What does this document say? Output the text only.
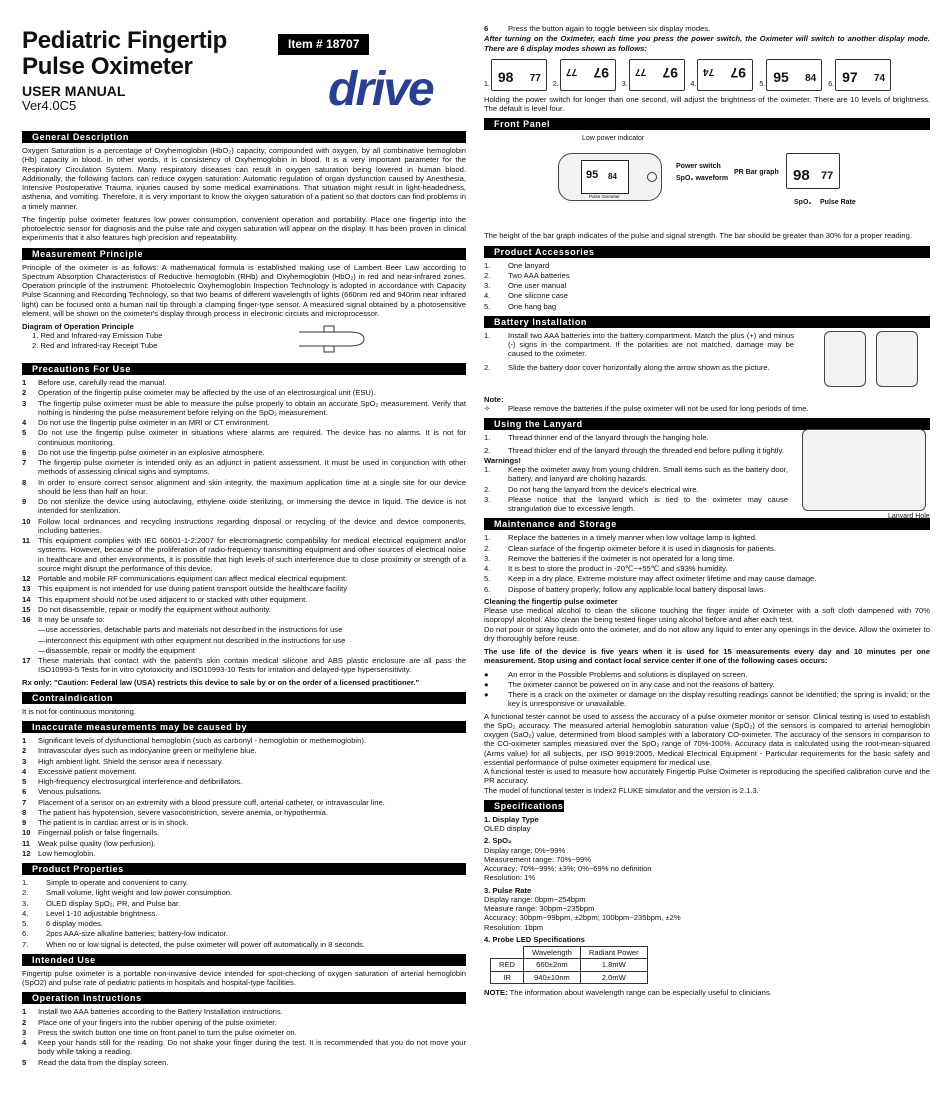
Pediatric Fingertip
Pulse Oximeter
USER MANUAL
Ver4.0C5
Item # 18707
drive
General Description

Oxygen Saturation is a percentage of Oxyhemoglobin (HbO₂) capacity, compounded with oxygen, by all combinative hemoglobin (Hb) capacity in blood. In other words, it is consistency of Oxyhemoglobin in blood. It is a very important parameter for the Respiratory Circulation System. Many respiratory diseases can result in oxygen saturation being lowered in human blood. Additionally, the following factors can reduce oxygen saturation: Automatic regulation of organ dysfunction caused by Anesthesia, Intensive Postoperative Trauma, injuries caused by some medical examinations. That situation might result in light-headedness, asthenia, and vomiting. Therefore, it is very important to know the oxygen saturation of a patient so that doctors can find problems in a timely manner.

The fingertip pulse oximeter features low power consumption, convenient operation and portability. Place one fingertip into the photoelectric sensor for diagnosis and the pulse rate and oxygen saturation will appear on the display. It has been proven in clinical experiments that it also features high precision and repeatability.

Measurement Principle

Principle of the oximeter is as follows: A mathematical formula is established making use of Lambert Beer Law according to Spectrum Absorption Characteristics of Reductive hemoglobin (RHb) and Oxyhemoglobin (HbO₂) in red and near-infrared zones. Operation principle of the instrument: Photoelectric Oxyhemoglobin Inspection Technology is adopted in accordance with Capacity Pulse Scanning and Recording Technology, so that two beams of different wavelength of lights (660nm red and 940nm near infrared light) can be focused onto a human nail tip through a clamping finger-type sensor. A measured signal obtained by a photosensitive element, will be shown on the oximeter's display through process in electronic circuits and microprocessor.

Diagram of Operation Principle
1. Red and Infrared-ray Emission Tube
2. Red and Infrared-ray Receipt Tube
Precautions For Use
1	Before use, carefully read the manual.
2	Operation of the fingertip pulse oximeter may be affected by the use of an electrosurgical unit (ESU).
3	The fingertip pulse oximeter must be able to measure the pulse properly to obtain an accurate SpO₂ measurement. Verify that nothing is hindering the pulse measurement before relying on the SpO₂ measurement.
4	Do not use the fingertip pulse oximeter in an MRI or CT environment.
5	Do not use the fingertip pulse oximeter in situations where alarms are required. The device has no alarms. It is not for continuous monitoring.
6	Do not use the fingertip pulse oximeter in an explosive atmosphere.
7	The fingertip pulse oximeter is intended only as an adjunct in patient assessment. It must be used in conjunction with other methods of assessing clinical signs and symptoms.
8	In order to ensure correct sensor alignment and skin integrity, the maximum application time at a single site for our device should be less than half an hour.
9	Do not sterilize the device using autoclaving, ethylene oxide sterilizing, or immersing the device in liquid. The device is not intended for sterilization.
10 Follow local ordinances and recycling instructions regarding disposal or recycling of the device and device components, including batteries.
11	This equipment complies with IEC 60601-1-2:2007 for electromagnetic compatibility for medical electrical equipment and/or systems. However, because of the proliferation of radio-frequency transmitting equipment and other sources of electrical noise in healthcare and other environments, it is possible that high levels of such interference due to close proximity or strength of a source might disrupt the performance of this device.
12 Portable and mobile RF communications equipment can affect medical electrical equipment.
13 This equipment is not intended for use during patient transport outside the healthcare facility
14 This equipment should not be used adjacent to or stacked with other equipment.
15 Do not disassemble, repair or modify the equipment without authority.
16 It may be unsafe to:
—use accessories, detachable parts and materials not described in the instructions for use
—interconnect this equipment with other equipment not described in the instructions for use
—disassemble, repair or modify the equipment
17 These materials that contact with the patient's skin contain medical silicone and ABS plastic enclosure are all pass the ISO10993-5 Tests for in vitro cytotoxicity and ISO10993-10 Tests for irritation and delayed-type hypersensitivity.

Rx only: "Caution: Federal law (USA) restricts this device to sale by or on the order of a licensed practitioner."

Contraindication

It is not for continuous monitoring.

Inaccurate measurements may be caused by
1	Significant levels of dysfunctional hemoglobin (such as carbonyl - hemoglobin or methemoglobin).
2	Intravascular dyes such as indocyanine green or methylene blue.
3	High ambient light. Shield the sensor area if necessary.
4	Excessive patient movement.
5	High-frequency electrosurgical interference and defibrillators.
6	Venous pulsations.
7	Placement of a sensor on an extremity with a blood pressure cuff, arterial catheter, or intravascular line.
8	The patient has hypotension, severe vasoconstriction, severe anemia, or hypothermia.
9	The patient is in cardiac arrest or is in shock.
10 Fingernail polish or false fingernails.
11	Weak pulse quality (low perfusion).
12 Low hemoglobin.
Product Properties
1.	Simple to operate and convenient to carry.
2.	Small volume, light weight and low power consumption.
3.	OLED display SpO₂, PR, and Pulse bar.
4.	Level 1-10 adjustable brightness.
5.	6 display modes.
6.	2pcs AAA-size alkaline batteries; battery-low indicator.
7.	When no or low signal is detected, the pulse oximeter will power off automatically in 8 seconds.
Intended Use

Fingertip pulse oximeter is a portable non-invasive device intended for spot-checking of oxygen saturation of arterial hemoglobin (SpO2) and pulse rate of pediatric patients in hospitals and hospital-type facilities.

Operation Instructions
1	Install two AAA batteries according to the Battery Installation instructions.
2	Place one of your fingers into the rubber opening of the pulse oximeter.
3	Press the switch button one time on front panel to turn the pulse oximeter on.
4	Keep your hands still for the reading. Do not shake your finger during the test. It is recommended that you do not move your body while taking a reading.
5	Read the data from the display screen.
6	Press the button again to toggle between six display modes.

After turning on the Oximeter, each time you press the power switch, the Oximeter will switch to another display mode. There are 6 display modes shown as follows:

1.
98 77
2.
97
77
3.
97
77
4.
97
74
5.
95 84
6.
97 74

Holding the power switch for longer than one second, will adjust the brightness of the oximeter. There are 10 levels of brightness. The default is level four.

Front Panel
Low power indicator
95 84
Pulse Oximeter
Power switch
SpO₂ waveform
PR Bar graph 98 77
SpO₂ Pulse Rate

The height of the bar graph indicates of the pulse and signal strength. The bar should be greater than 30% for a proper reading.

Product Accessories
1.	One lanyard
2.	Two AAA batteries
3.	One user manual
4.	One silicone case
5.	One hang bag
Battery Installation
1.	Install two AAA batteries into the battery compartment. Match the plus (+) and minus (-) signs in the compartment. If the polarities are not matched, damage may be caused to the oximeter.
2.	Slide the battery door cover horizontally along the arrow shown as the picture.
Note:
✧	Please remove the batteries if the pulse oximeter will not be used for long periods of time.
Using the Lanyard
1.	Thread thinner end of the lanyard through the hanging hole.
2.	Thread thicker end of the lanyard through the threaded end before pulling it tightly.
Warnings!
1.	Keep the oximeter away from young children. Small items such as the battery door, battery, and lanyard are choking hazards.
2.	Do not hang the lanyard from the device's electrical wire.
3.	Please notice that the lanyard which is tied to the oximeter may cause strangulation due to excessive length.
Lanyard Hole
Maintenance and Storage
1.	Replace the batteries in a timely manner when low voltage lamp is lighted.
2.	Clean surface of the fingertip oximeter before it is used in diagnosis for patients.
3.	Remove the batteries if the oximeter is not operated for a long time.
4.	It is best to store the product in -20℃~+55℃ and ≤93% humidity.
5.	Keep in a dry place. Extreme moisture may affect oximeter lifetime and may cause damage.
6.	Dispose of battery properly; follow any applicable local battery disposal laws.
Cleaning the fingertip pulse oximeter

Please use medical alcohol to clean the silicone touching the finger inside of Oximeter with a soft cloth dampened with 70% isopropyl alcohol. Also clean the being tested finger using alcohol before and after each test.

Do not pour or spray liquids onto the oximeter, and do not allow any liquid to enter any openings in the device. Allow the oximeter to dry thoroughly before reuse.

The use life of the device is five years when it is used for 15 measurements every day and 10 minutes per one measurement. Stop using and contact local service center if one of the following cases occurs:

●	An error in the Possible Problems and solutions is displayed on screen.
●	The oximeter cannot be powered on in any case and not the reasons of battery.
●	There is a crack on the oximeter or damage on the display resulting readings cannot be identified; the spring is invalid; or the key is unresponsive or unavailable.

A functional tester cannot be used to assess the accuracy of a pulse oximeter monitor or sensor. Clinical testing is used to establish the SpO₂ accuracy. The measured arterial hemoglobin saturation value (SpO₂) of the sensors is compared to arterial hemoglobin oxygen (SaO₂) value, determined from blood samples with a laboratory CO-oximeter. The accuracy of the sensors in comparison to the CO-oximeter samples measured over the SpO₂ range of 70%-100%. Accuracy data is calculated using the root-mean-squared (Arms value) for all subjects, per ISO 9919:2005, Medical Electrical Equipment - Particular requirements for the basic safety and essential performance of pulse oximeter equipment for medical use.

A functional tester is used to measure how accurately Fingertip Pulse Oximeter is reproducing the specified calibration curve and the PR accuracy.

The model of functional tester is Index2 FLUKE simulator and the version is 2.1.3.

Specifications
1. Display Type
OLED display
2. SpO₂
Display range: 0%~99%
Measurement range: 70%~99%
Accuracy: 70%~99%: ±3%; 0%~69% no definition
Resolution: 1%
3. Pulse Rate
Display range: 0bpm~254bpm
Measure range: 30bpm~235bpm
Accuracy: 30bpm~99bpm, ±2bpm; 100bpm~235bpm, ±2%
Resolution: 1bpm
4. Probe LED Specifications
	Wavelength	Radiant Power
RED	660±2nm	1.8mW
IR	940±10nm	2.0mW
NOTE: The information about wavelength range can be especially useful to clinicians.
